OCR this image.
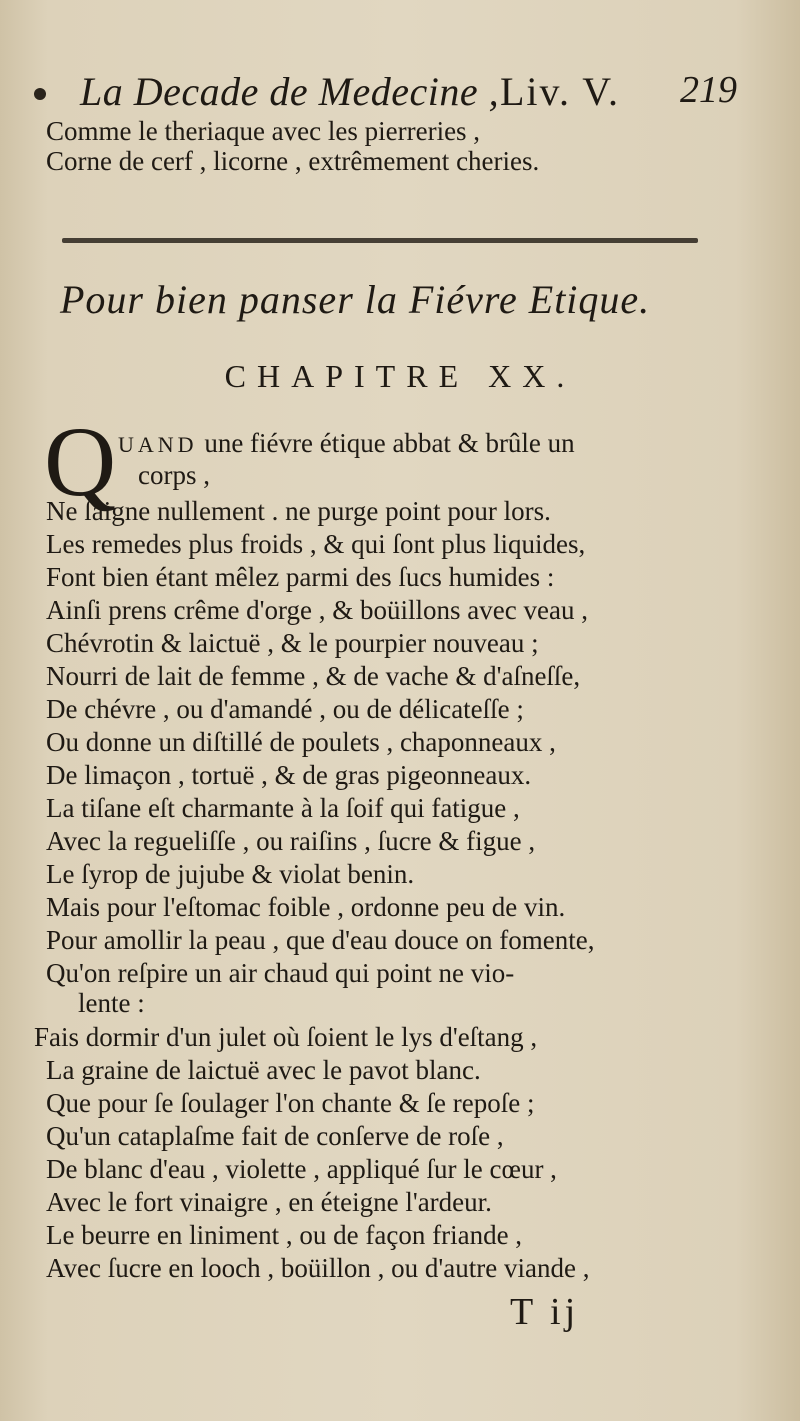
La Decade de Medecine , Liv. V. 219
Comme le theriaque avec les pierreries ,
Corne de cerf , licorne , extrêmement cheries.
Pour bien panser la Fiévre Etique.
CHAPITRE XX.
Q UAND une fiévre étique abbat & brûle un
corps ,
Ne ſaigne nullement . ne purge point pour lors.
Les remedes plus froids , & qui ſont plus liquides,
Font bien étant mêlez parmi des ſucs humides :
Ainſi prens crême d'orge , & boüillons avec veau ,
Chévrotin & laictuë , & le pourpier nouveau ;
Nourri de lait de femme , & de vache & d'aſneſſe,
De chévre , ou d'amandé , ou de délicateſſe ;
Ou donne un diſtillé de poulets , chaponneaux ,
De limaçon , tortuë , & de gras pigeonneaux.
La tiſane eſt charmante à la ſoif qui fatigue ,
Avec la regueliſſe , ou raiſins , ſucre & figue ,
Le ſyrop de jujube & violat benin.
Mais pour l'eſtomac foible , ordonne peu de vin.
Pour amollir la peau , que d'eau douce on fomente,
Qu'on reſpire un air chaud qui point ne vio-
lente :
Fais dormir d'un julet où ſoient le lys d'eſtang ,
La graine de laictuë avec le pavot blanc.
Que pour ſe ſoulager l'on chante & ſe repoſe ;
Qu'un cataplaſme fait de conſerve de roſe ,
De blanc d'eau , violette , appliqué ſur le cœur ,
Avec le fort vinaigre , en éteigne l'ardeur.
Le beurre en liniment , ou de façon friande ,
Avec ſucre en looch , boüillon , ou d'autre viande ,
T ij
